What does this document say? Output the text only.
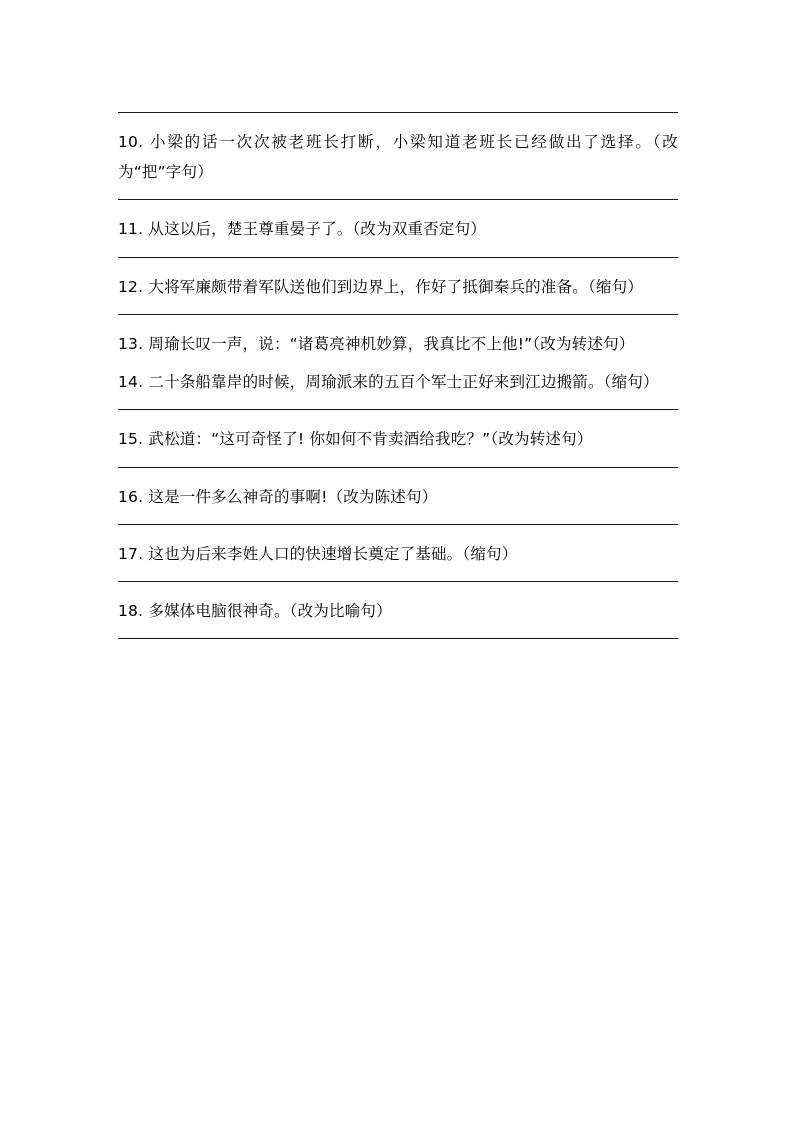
10. 小梁的话一次次被老班长打断，小梁知道老班长已经做出了选择。（改为“把”字句）
11. 从这以后，楚王尊重晏子了。（改为双重否定句）
12. 大将军廉颇带着军队送他们到边界上，作好了抵御秦兵的准备。（缩句）
13. 周瑜长叹一声，说：“诸葛亮神机妙算，我真比不上他!”（改为转述句）
14. 二十条船靠岸的时候，周瑜派来的五百个军士正好来到江边搬箭。（缩句）
15. 武松道：“这可奇怪了! 你如何不肯卖酒给我吃？”（改为转述句）
16. 这是一件多么神奇的事啊!（改为陈述句）
17. 这也为后来李姓人口的快速增长奠定了基础。（缩句）
18. 多媒体电脑很神奇。（改为比喻句）
